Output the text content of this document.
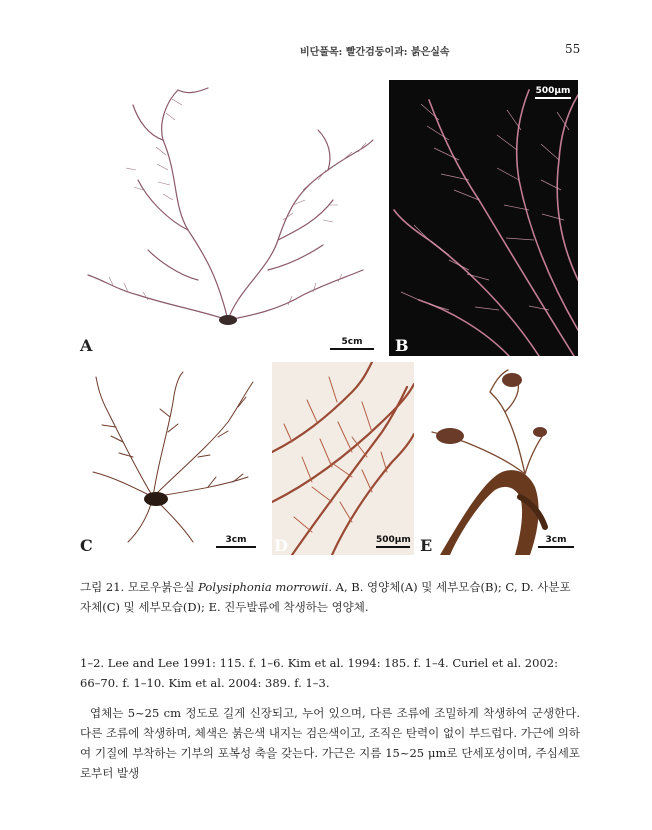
비단풀목: 빨간검둥이과: 붉은실속	55
A	5cm	B
500μm
C	3cm	D	500μm E	3cm
그림 21. 모로우붉은실 Polysiphonia morrowii. A, B. 영양체(A) 및 세부모습(B); C, D. 사분포자체(C) 및 세부모습(D); E. 진두발류에 착생하는 영양체.
1–2. Lee and Lee 1991: 115. f. 1–6. Kim et al. 1994: 185. f. 1–4. Curiel et al. 2002: 66–70. f. 1–10. Kim et al. 2004: 389. f. 1–3.

엽체는 5~25 cm 정도로 길게 신장되고, 누어 있으며, 다른 조류에 조밀하게 착생하여 군생한다. 다른 조류에 착생하며, 체색은 붉은색 내지는 검은색이고, 조직은 탄력이 없이 부드럽다. 가근에 의하여 기질에 부착하는 기부의 포복성 축을 갖는다. 가근은 지름 15~25 μm로 단세포성이며, 주심세포로부터 발생
